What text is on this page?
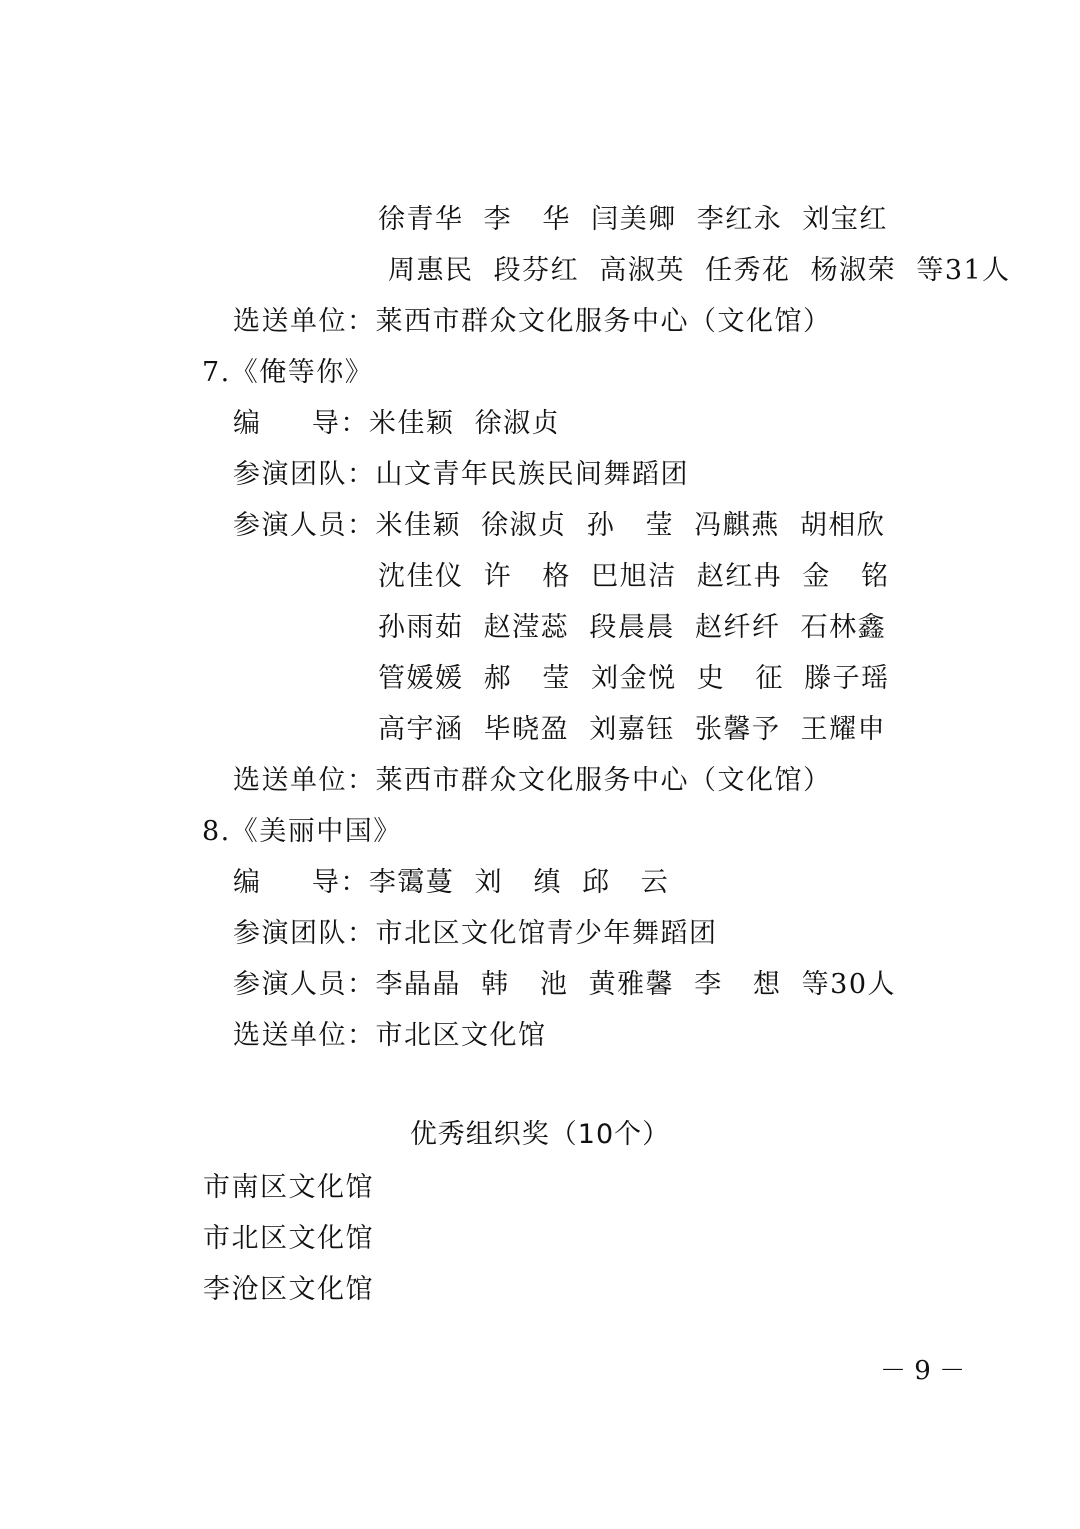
徐青华  李   华  闫美卿  李红永  刘宝红
周惠民  段芬红  高淑英  任秀花  杨淑荣  等31人
选送单位：莱西市群众文化服务中心（文化馆）
7.《俺等你》
编     导：米佳颖  徐淑贞
参演团队：山文青年民族民间舞蹈团
参演人员：米佳颖  徐淑贞  孙   莹  冯麒燕  胡相欣
沈佳仪  许   格  巴旭洁  赵红冉  金   铭
孙雨茹  赵滢蕊  段晨晨  赵纤纤  石林鑫
管媛媛  郝   莹  刘金悦  史   征  滕子瑶
高宇涵  毕晓盈  刘嘉钰  张馨予  王耀申
选送单位：莱西市群众文化服务中心（文化馆）
8.《美丽中国》
编     导：李霭蔓  刘   缜  邱   云
参演团队：市北区文化馆青少年舞蹈团
参演人员：李晶晶  韩   池  黄雅馨  李   想  等30人
选送单位：市北区文化馆
优秀组织奖（10个）
市南区文化馆
市北区文化馆
李沧区文化馆
－ 9 －
